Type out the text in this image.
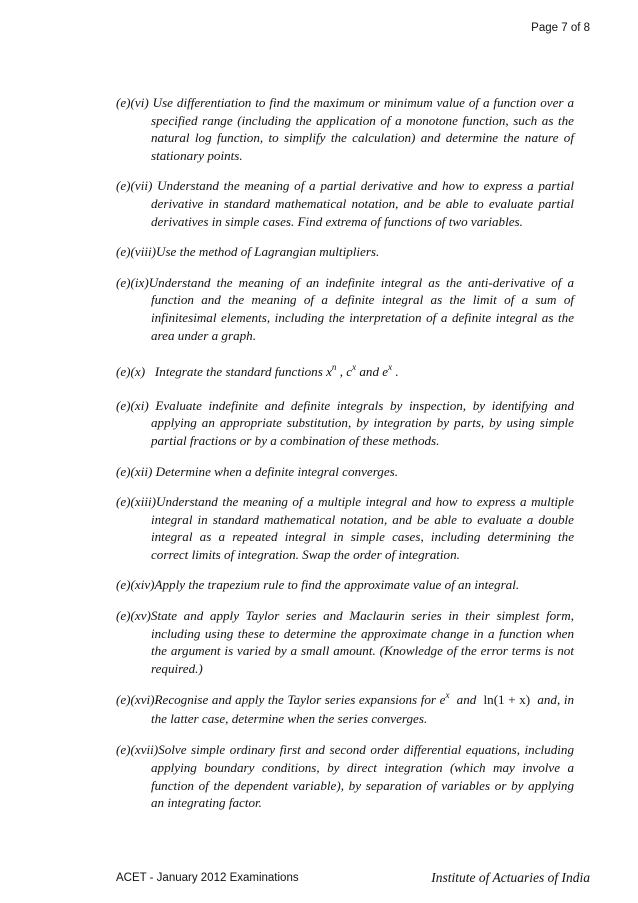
Page 7 of 8

(e)(vi) Use differentiation to find the maximum or minimum value of a function over a specified range (including the application of a monotone function, such as the natural log function, to simplify the calculation) and determine the nature of stationary points.

(e)(vii) Understand the meaning of a partial derivative and how to express a partial derivative in standard mathematical notation, and be able to evaluate partial derivatives in simple cases. Find extrema of functions of two variables.

(e)(viii)Use the method of Lagrangian multipliers.

(e)(ix)Understand the meaning of an indefinite integral as the anti-derivative of a function and the meaning of a definite integral as the limit of a sum of infinitesimal elements, including the interpretation of a definite integral as the area under a graph.

(e)(x) Integrate the standard functions $x^n$ , $c^x$ and $e^x$ .

(e)(xi) Evaluate indefinite and definite integrals by inspection, by identifying and applying an appropriate substitution, by integration by parts, by using simple partial fractions or by a combination of these methods.

(e)(xii) Determine when a definite integral converges.

(e)(xiii)Understand the meaning of a multiple integral and how to express a multiple integral in standard mathematical notation, and be able to evaluate a double integral as a repeated integral in simple cases, including determining the correct limits of integration. Swap the order of integration.

(e)(xiv)Apply the trapezium rule to find the approximate value of an integral.

(e)(xv)State and apply Taylor series and Maclaurin series in their simplest form, including using these to determine the approximate change in a function when the argument is varied by a small amount. (Knowledge of the error terms is not required.)

(e)(xvi)Recognise and apply the Taylor series expansions for $e^x$ and ln(1 + x) and, in the latter case, determine when the series converges.

(e)(xvii)Solve simple ordinary first and second order differential equations, including applying boundary conditions, by direct integration (which may involve a function of the dependent variable), by separation of variables or by applying an integrating factor.

ACET - January 2012 Examinations	Institute of Actuaries of India
